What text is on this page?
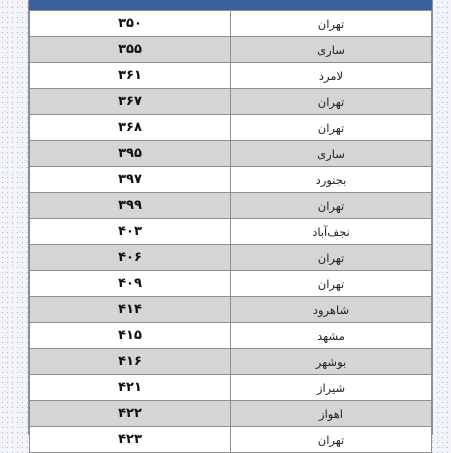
۳۵۰	تهران
۳۵۵	ساری
۳۶۱	لامرد
۳۶۷	تهران
۳۶۸	تهران
۳۹۵	ساری
۳۹۷	بجنورد
۳۹۹	تهران
۴۰۳	نجف‌آباد
۴۰۶	تهران
۴۰۹	تهران
۴۱۴	شاهرود
۴۱۵	مشهد
۴۱۶	بوشهر
۴۲۱	شیراز
۴۲۲	اهواز
۴۲۳	تهران
